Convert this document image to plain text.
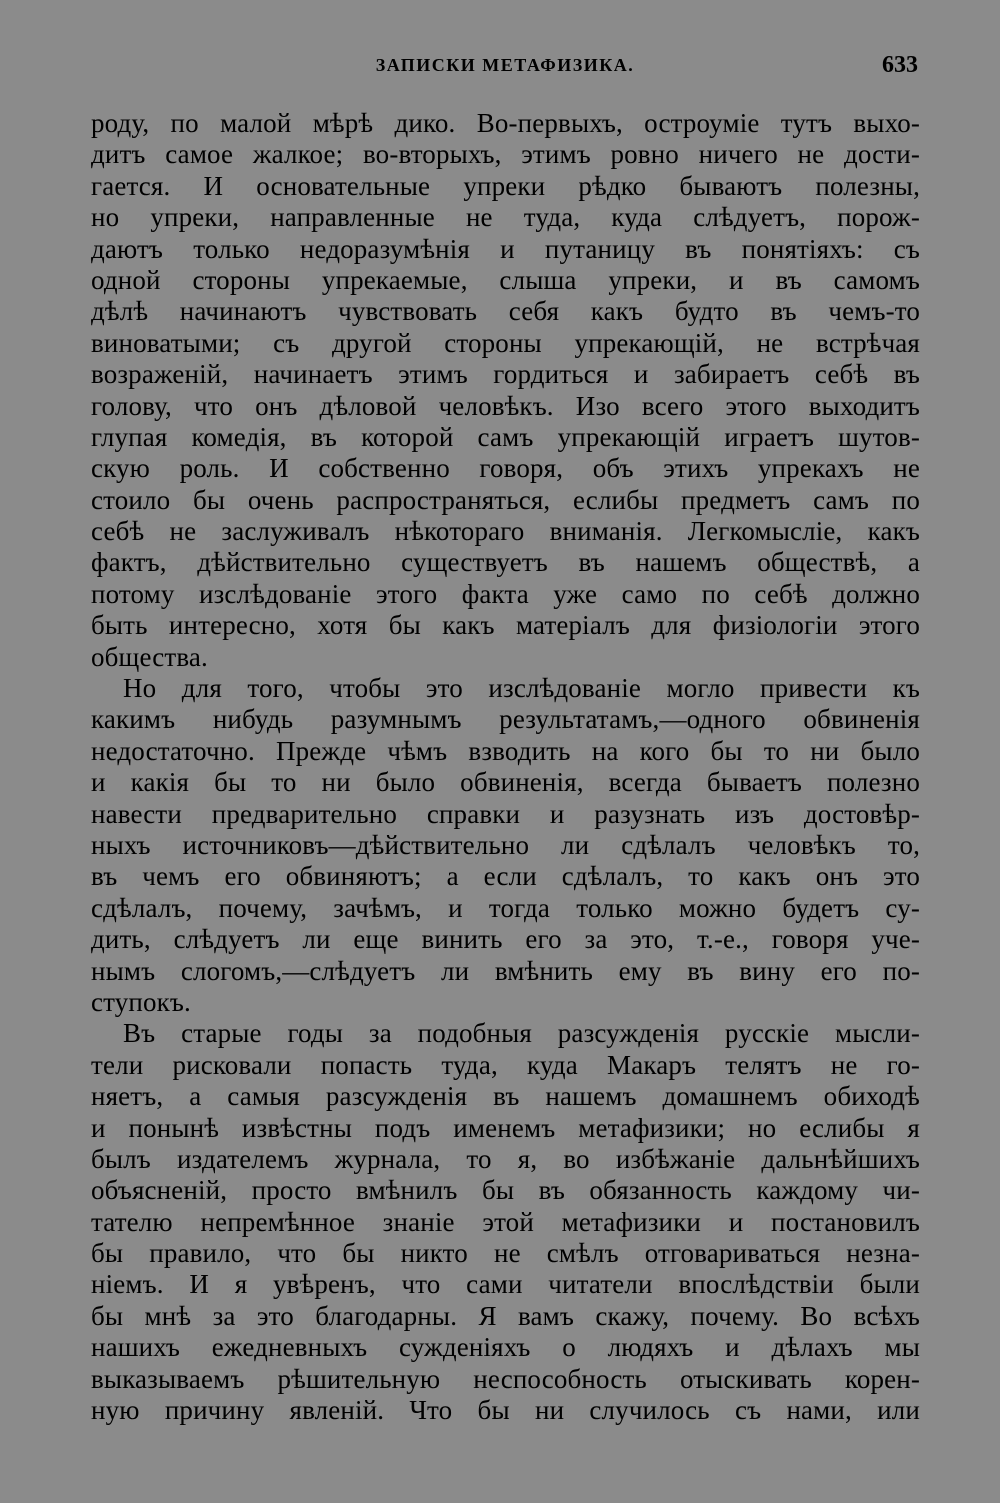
ЗАПИСКИ МЕТАФИЗИКА.	633
роду, по малой мѣрѣ дико. Во-первыхъ, остроуміе тутъ выхо-
дитъ самое жалкое; во-вторыхъ, этимъ ровно ничего не дости-
гается. И основательные упреки рѣдко бываютъ полезны,
но упреки, направленные не туда, куда слѣдуетъ, порож-
даютъ только недоразумѣнія и путаницу въ понятіяхъ: съ
одной стороны упрекаемые, слыша упреки, и въ самомъ
дѣлѣ начинаютъ чувствовать себя какъ будто въ чемъ-то
виноватыми; съ другой стороны упрекающій, не встрѣчая
возраженій, начинаетъ этимъ гордиться и забираетъ себѣ въ
голову, что онъ дѣловой человѣкъ. Изо всего этого выходитъ
глупая комедія, въ которой самъ упрекающій играетъ шутов-
скую роль. И собственно говоря, объ этихъ упрекахъ не
стоило бы очень распространяться, еслибы предметъ самъ по
себѣ не заслуживалъ нѣкотораго вниманія. Легкомысліе, какъ
фактъ, дѣйствительно существуетъ въ нашемъ обществѣ, а
потому изслѣдованіе этого факта уже само по себѣ должно
быть интересно, хотя бы какъ матеріалъ для физіологіи этого
общества.
Но для того, чтобы это изслѣдованіе могло привести къ
какимъ нибудь разумнымъ результатамъ,—одного обвиненія
недостаточно. Прежде чѣмъ взводить на кого бы то ни было
и какія бы то ни было обвиненія, всегда бываетъ полезно
навести предварительно справки и разузнать изъ достовѣр-
ныхъ источниковъ—дѣйствительно ли сдѣлалъ человѣкъ то,
въ чемъ его обвиняютъ; а если сдѣлалъ, то какъ онъ это
сдѣлалъ, почему, зачѣмъ, и тогда только можно будетъ су-
дить, слѣдуетъ ли еще винить его за это, т.-е., говоря уче-
нымъ слогомъ,—слѣдуетъ ли вмѣнить ему въ вину его по-
ступокъ.
Въ старые годы за подобныя разсужденія русскіе мысли-
тели рисковали попасть туда, куда Макаръ телятъ не го-
няетъ, а самыя разсужденія въ нашемъ домашнемъ обиходѣ
и понынѣ извѣстны подъ именемъ метафизики; но еслибы я
былъ издателемъ журнала, то я, во избѣжаніе дальнѣйшихъ
объясненій, просто вмѣнилъ бы въ обязанность каждому чи-
тателю непремѣнное знаніе этой метафизики и постановилъ
бы правило, что бы никто не смѣлъ отговариваться незна-
ніемъ. И я увѣренъ, что сами читатели впослѣдствіи были
бы мнѣ за это благодарны. Я вамъ скажу, почему. Во всѣхъ
нашихъ ежедневныхъ сужденіяхъ о людяхъ и дѣлахъ мы
выказываемъ рѣшительную неспособность отыскивать корен-
ную причину явленій. Что бы ни случилось съ нами, или
